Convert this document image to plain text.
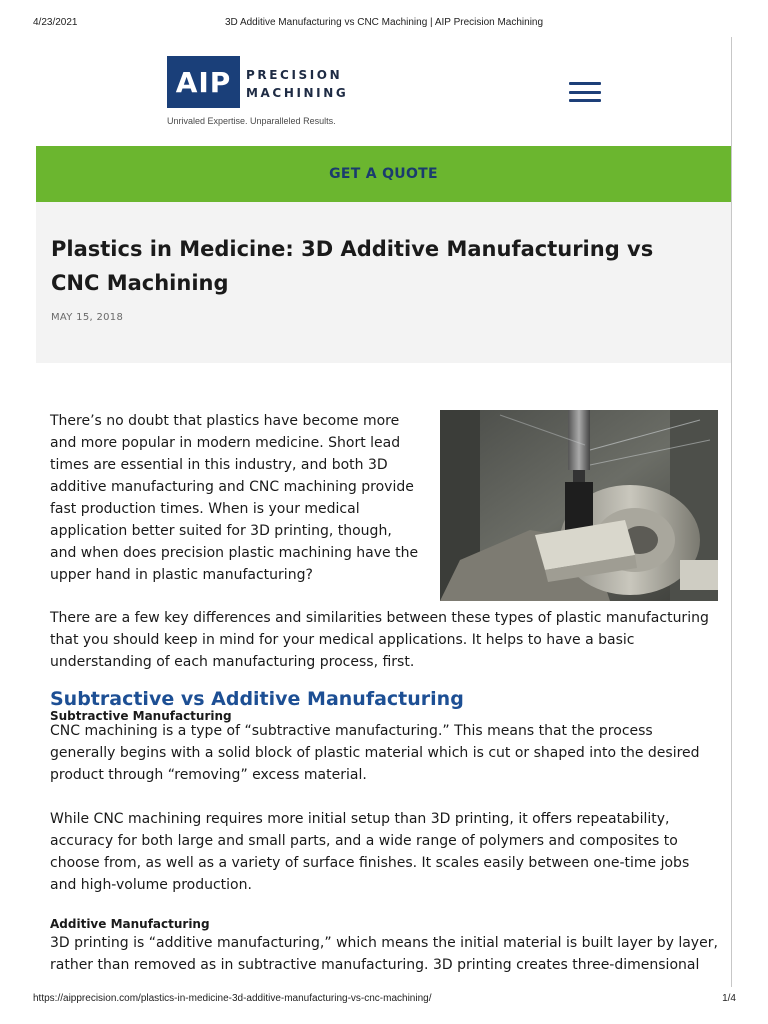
4/23/2021	3D Additive Manufacturing vs CNC Machining | AIP Precision Machining
AIP	PRECISION
MACHINING
Unrivaled Expertise. Unparalleled Results.
GET A QUOTE
Plastics in Medicine: 3D Additive Manufacturing vs CNC Machining
MAY 15, 2018

There’s no doubt that plastics have become more and more popular in modern medicine. Short lead times are essential in this industry, and both 3D additive manufacturing and CNC machining provide fast production times. When is your medical application better suited for 3D printing, though, and when does precision plastic machining have the upper hand in plastic manufacturing?

There are a few key differences and similarities between these types of plastic manufacturing that you should keep in mind for your medical applications. It helps to have a basic understanding of each manufacturing process, first.

Subtractive vs Additive Manufacturing
Subtractive Manufacturing

CNC machining is a type of “subtractive manufacturing.” This means that the process generally begins with a solid block of plastic material which is cut or shaped into the desired product through “removing” excess material.

While CNC machining requires more initial setup than 3D printing, it offers repeatability, accuracy for both large and small parts, and a wide range of polymers and composites to choose from, as well as a variety of surface finishes. It scales easily between one-time jobs and high-volume production.

Additive Manufacturing

3D printing is “additive manufacturing,” which means the initial material is built layer by layer, rather than removed as in subtractive manufacturing. 3D printing creates three-dimensional

https://aipprecision.com/plastics-in-medicine-3d-additive-manufacturing-vs-cnc-machining/	1/4
